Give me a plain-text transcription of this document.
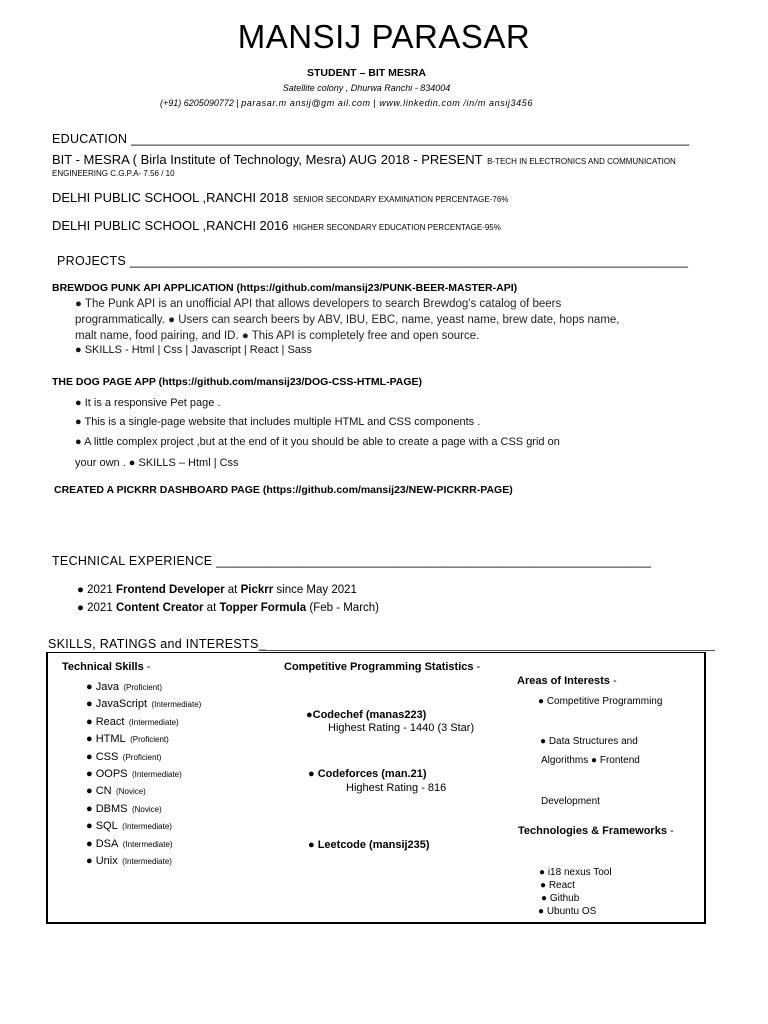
MANSIJ PARASAR
STUDENT – BIT MESRA
Satellite colony , Dhurwa Ranchi - 834004
(+91) 6205090772 | parasar.m ansij@gm ail.com | www.linkedin.com /in/m ansij3456
EDUCATION _____________________________________________________________________________
BIT - MESRA ( Birla Institute of Technology, Mesra) AUG 2018 - PRESENT B-TECH IN ELECTRONICS AND COMMUNICATION
ENGINEERING C.G.P.A- 7.56 / 10
DELHI PUBLIC SCHOOL ,RANCHI 2018 SENIOR SECONDARY EXAMINATION PERCENTAGE-76%
DELHI PUBLIC SCHOOL ,RANCHI 2016 HIGHER SECONDARY EDUCATION PERCENTAGE-95%
PROJECTS _____________________________________________________________________________
BREWDOG PUNK API APPLICATION (https://github.com/mansij23/PUNK-BEER-MASTER-API)
● The Punk API is an unofficial API that allows developers to search Brewdog's catalog of beers
programmatically. ● Users can search beers by ABV, IBU, EBC, name, yeast name, brew date, hops name,
malt name, food pairing, and ID. ● This API is completely free and open source.
● SKILLS - Html | Css | Javascript | React | Sass
THE DOG PAGE APP (https://github.com/mansij23/DOG-CSS-HTML-PAGE)
● It is a responsive Pet page .
● This is a single-page website that includes multiple HTML and CSS components .
● A little complex project ,but at the end of it you should be able to create a page with a CSS grid on
your own . ● SKILLS – Html | Css
CREATED A PICKRR DASHBOARD PAGE (https://github.com/mansij23/NEW-PICKRR-PAGE)
TECHNICAL EXPERIENCE ____________________________________________________________
● 2021 Frontend Developer at Pickrr since May 2021
● 2021 Content Creator at Topper Formula (Feb - March)
SKILLS, RATINGS and INTERESTS_
Technical Skills -
● Java (Proficient)
● JavaScript (Intermediate)
● React (Intermediate)
● HTML (Proficient)
● CSS (Proficient)
● OOPS (Intermediate)
● CN (Novice)
● DBMS (Novice)
● SQL (Intermediate)
● DSA (Intermediate)
● Unix (Intermediate)
Competitive Programming Statistics -
●Codechef (manas223)
Highest Rating - 1440 (3 Star)
● Codeforces (man.21)
Highest Rating - 816
● Leetcode (mansij235)
Areas of Interests -
● Competitive Programming
● Data Structures and
Algorithms ● Frontend
Development
Technologies & Frameworks -
● i18 nexus Tool
● React
● Github
● Ubuntu OS
